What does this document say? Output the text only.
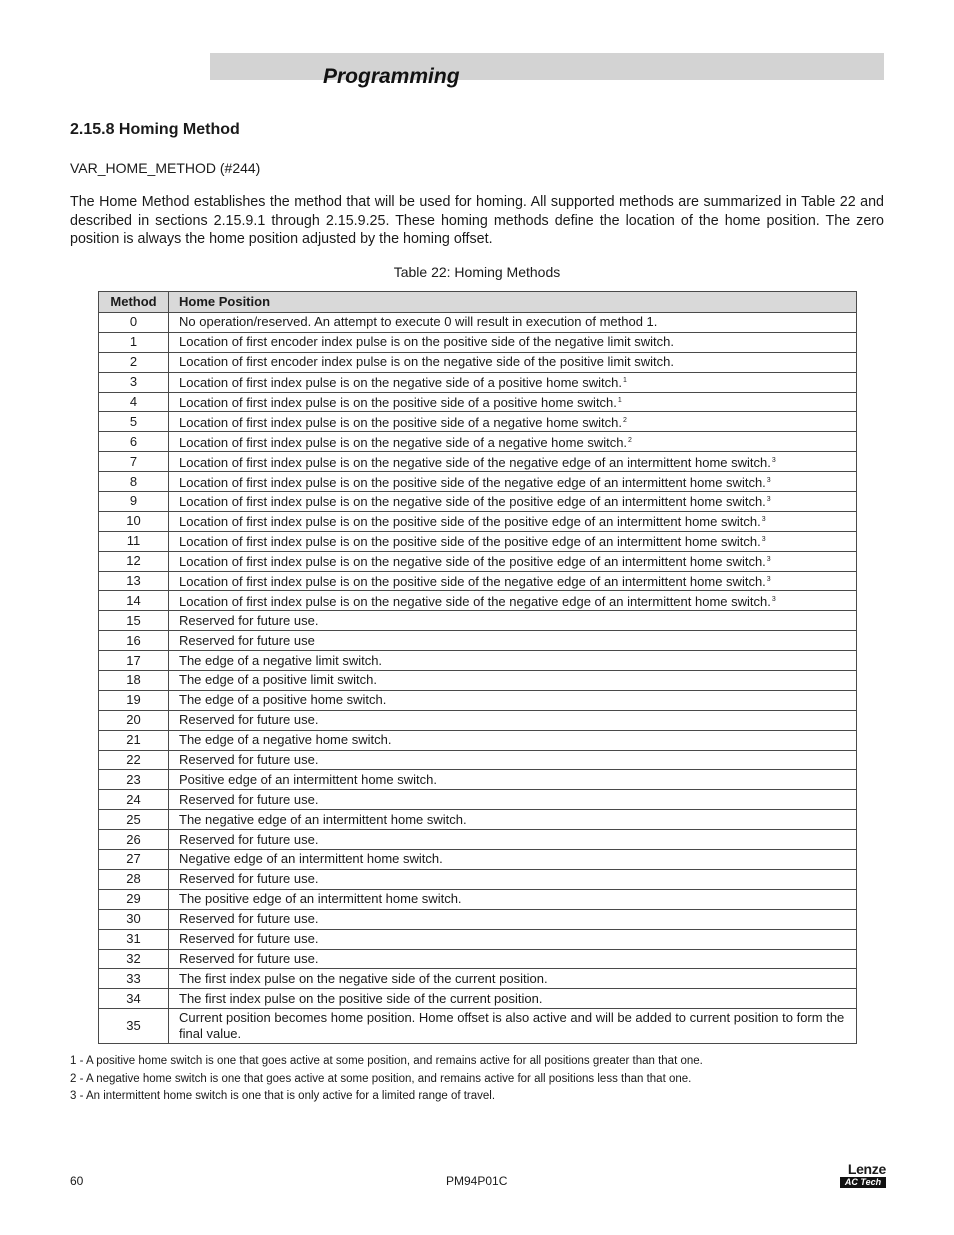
Programming
2.15.8 Homing Method
VAR_HOME_METHOD (#244)

The Home Method establishes the method that will be used for homing. All supported methods are summarized in Table 22 and described in sections 2.15.9.1 through 2.15.9.25. These homing methods define the location of the home position. The zero position is always the home position adjusted by the homing offset.

Table 22: Homing Methods
Method	Home Position
0	No operation/reserved. An attempt to execute 0 will result in execution of method 1.
1	Location of first encoder index pulse is on the positive side of the negative limit switch.
2	Location of first encoder index pulse is on the negative side of the positive limit switch.
3	Location of first index pulse is on the negative side of a positive home switch.$^1$
4	Location of first index pulse is on the positive side of a positive home switch.$^1$
5	Location of first index pulse is on the positive side of a negative home switch.$^2$
6	Location of first index pulse is on the negative side of a negative home switch.$^2$
7	Location of first index pulse is on the negative side of the negative edge of an intermittent home switch.$^3$
8	Location of first index pulse is on the positive side of the negative edge of an intermittent home switch.$^3$
9	Location of first index pulse is on the negative side of the positive edge of an intermittent home switch.$^3$
10	Location of first index pulse is on the positive side of the positive edge of an intermittent home switch.$^3$
11	Location of first index pulse is on the positive side of the positive edge of an intermittent home switch.$^3$
12	Location of first index pulse is on the negative side of the positive edge of an intermittent home switch.$^3$
13	Location of first index pulse is on the positive side of the negative edge of an intermittent home switch.$^3$
14	Location of first index pulse is on the negative side of the negative edge of an intermittent home switch.$^3$
15	Reserved for future use.
16	Reserved for future use
17	The edge of a negative limit switch.
18	The edge of a positive limit switch.
19	The edge of a positive home switch.
20	Reserved for future use.
21	The edge of a negative home switch.
22	Reserved for future use.
23	Positive edge of an intermittent home switch.
24	Reserved for future use.
25	The negative edge of an intermittent home switch.
26	Reserved for future use.
27	Negative edge of an intermittent home switch.
28	Reserved for future use.
29	The positive edge of an intermittent home switch.
30	Reserved for future use.
31	Reserved for future use.
32	Reserved for future use.
33	The first index pulse on the negative side of the current position.
34	The first index pulse on the positive side of the current position.
35	Current position becomes home position. Home offset is also active and will be added to current position to form the final value.
1 - A positive home switch is one that goes active at some position, and remains active for all positions greater than that one.
2 - A negative home switch is one that goes active at some position, and remains active for all positions less than that one.
3 - An intermittent home switch is one that is only active for a limited range of travel.
60	PM94P01C
Lenze
AC Tech
